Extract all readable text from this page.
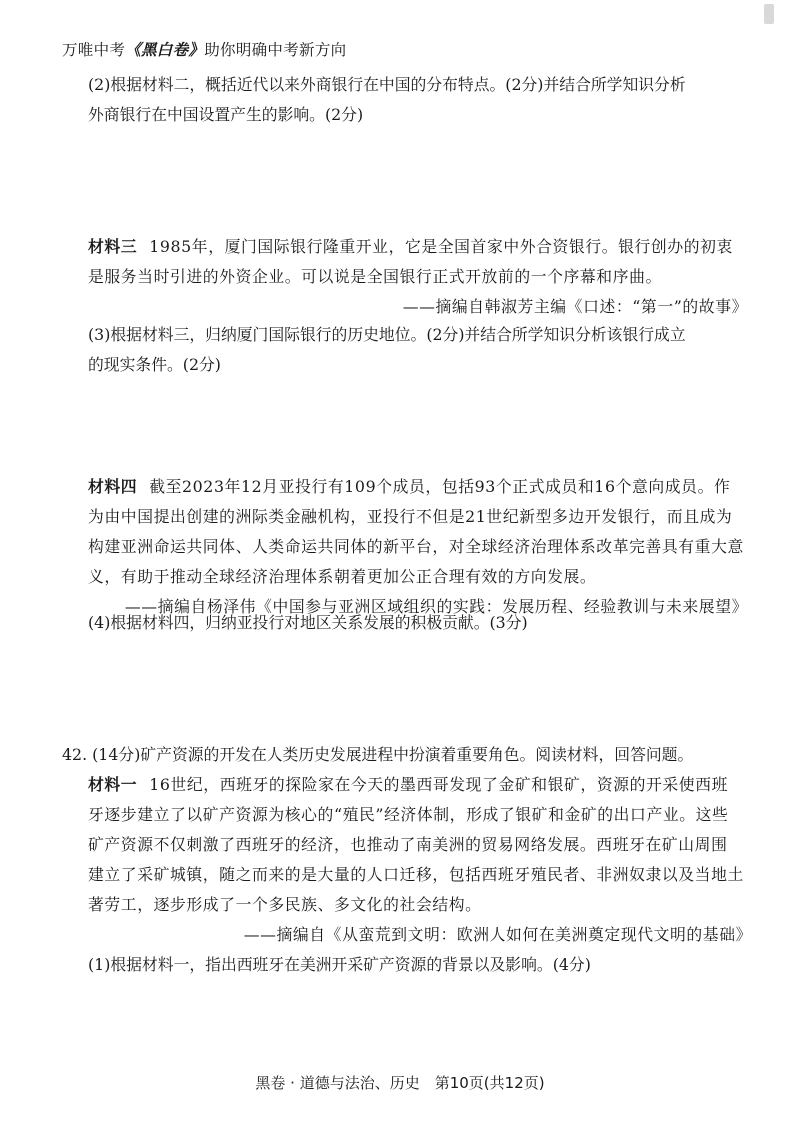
万唯中考《黑白卷》助你明确中考新方向
(2)根据材料二，概括近代以来外商银行在中国的分布特点。(2分)并结合所学知识分析
外商银行在中国设置产生的影响。(2分)
材料三 1985年，厦门国际银行隆重开业，它是全国首家中外合资银行。银行创办的初衷
是服务当时引进的外资企业。可以说是全国银行正式开放前的一个序幕和序曲。
——摘编自韩淑芳主编《口述：“第一”的故事》
(3)根据材料三，归纳厦门国际银行的历史地位。(2分)并结合所学知识分析该银行成立
的现实条件。(2分)
材料四 截至2023年12月亚投行有109个成员，包括93个正式成员和16个意向成员。作
为由中国提出创建的洲际类金融机构，亚投行不但是21世纪新型多边开发银行，而且成为
构建亚洲命运共同体、人类命运共同体的新平台，对全球经济治理体系改革完善具有重大意
义，有助于推动全球经济治理体系朝着更加公正合理有效的方向发展。
——摘编自杨泽伟《中国参与亚洲区域组织的实践：发展历程、经验教训与未来展望》
(4)根据材料四，归纳亚投行对地区关系发展的积极贡献。(3分)
42. (14分)矿产资源的开发在人类历史发展进程中扮演着重要角色。阅读材料，回答问题。
材料一 16世纪，西班牙的探险家在今天的墨西哥发现了金矿和银矿，资源的开采使西班
牙逐步建立了以矿产资源为核心的“殖民”经济体制，形成了银矿和金矿的出口产业。这些
矿产资源不仅刺激了西班牙的经济，也推动了南美洲的贸易网络发展。西班牙在矿山周围
建立了采矿城镇，随之而来的是大量的人口迁移，包括西班牙殖民者、非洲奴隶以及当地土
著劳工，逐步形成了一个多民族、多文化的社会结构。
——摘编自《从蛮荒到文明：欧洲人如何在美洲奠定现代文明的基础》
(1)根据材料一，指出西班牙在美洲开采矿产资源的背景以及影响。(4分)
黑卷 · 道德与法治、历史　第10页(共12页)
